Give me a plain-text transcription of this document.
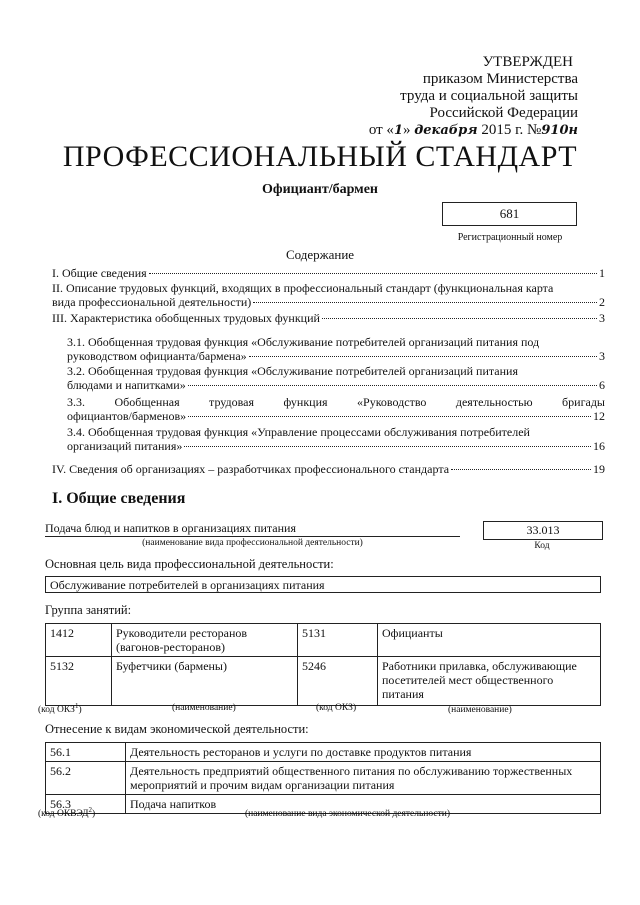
УТВЕРЖДЕН
приказом Министерства
труда и социальной защиты
Российской Федерации
от «1» декабря 2015 г. №910н
ПРОФЕССИОНАЛЬНЫЙ СТАНДАРТ
Официант/бармен
681
Регистрационный номер
Содержание
I. Общие сведения	1
II. Описание трудовых функций, входящих в профессиональный стандарт (функциональная карта
вида профессиональной деятельности)	2
III. Характеристика обобщенных трудовых функций	3
3.1. Обобщенная трудовая функция «Обслуживание потребителей организаций питания под
руководством официанта/бармена»	3
3.2. Обобщенная трудовая функция «Обслуживание потребителей организаций питания
блюдами и напитками»	6
3.3. Обобщенная трудовая функция «Руководство деятельностью бригады
официантов/барменов»	12
3.4. Обобщенная трудовая функция «Управление процессами обслуживания потребителей
организаций питания»	16
IV. Сведения об организациях – разработчиках профессионального стандарта	19
I. Общие сведения
Подача блюд и напитков в организациях питания
(наименование вида профессиональной деятельности)
33.013
Код
Основная цель вида профессиональной деятельности:
Обслуживание потребителей в организациях питания
Группа занятий:
1412	Руководители ресторанов (вагонов-ресторанов)	5131	Официанты
5132	Буфетчики (бармены)	5246	Работники прилавка, обслуживающие посетителей мест общественного питания
(код ОКЗ$^1$)	(наименование)	(код ОКЗ)	(наименование)
Отнесение к видам экономической деятельности:
56.1	Деятельность ресторанов и услуги по доставке продуктов питания
56.2	Деятельность предприятий общественного питания по обслуживанию торжественных мероприятий и прочим видам организации питания
56.3	Подача напитков
(код ОКВЭД$^2$)	(наименование вида экономической деятельности)
